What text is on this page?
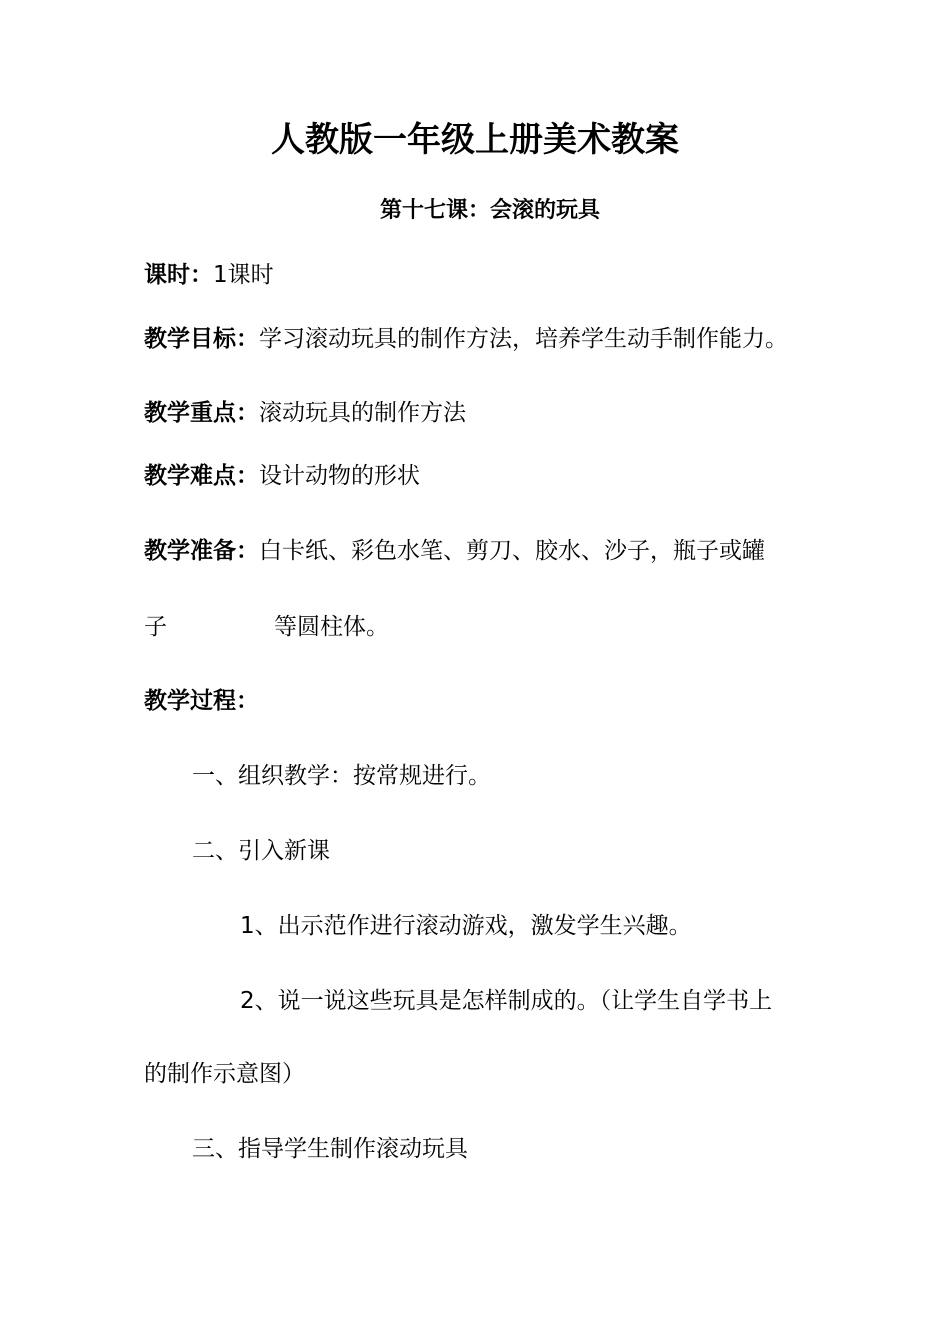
人教版一年级上册美术教案
第十七课：会滚的玩具
课时：1课时
教学目标：学习滚动玩具的制作方法，培养学生动手制作能力。
教学重点：滚动玩具的制作方法
教学难点：设计动物的形状
教学准备：白卡纸、彩色水笔、剪刀、胶水、沙子，瓶子或罐
子	等圆柱体。
教学过程：
一、组织教学：按常规进行。
二、引入新课
1、出示范作进行滚动游戏，激发学生兴趣。
2、说一说这些玩具是怎样制成的。（让学生自学书上
的制作示意图）
三、指导学生制作滚动玩具
